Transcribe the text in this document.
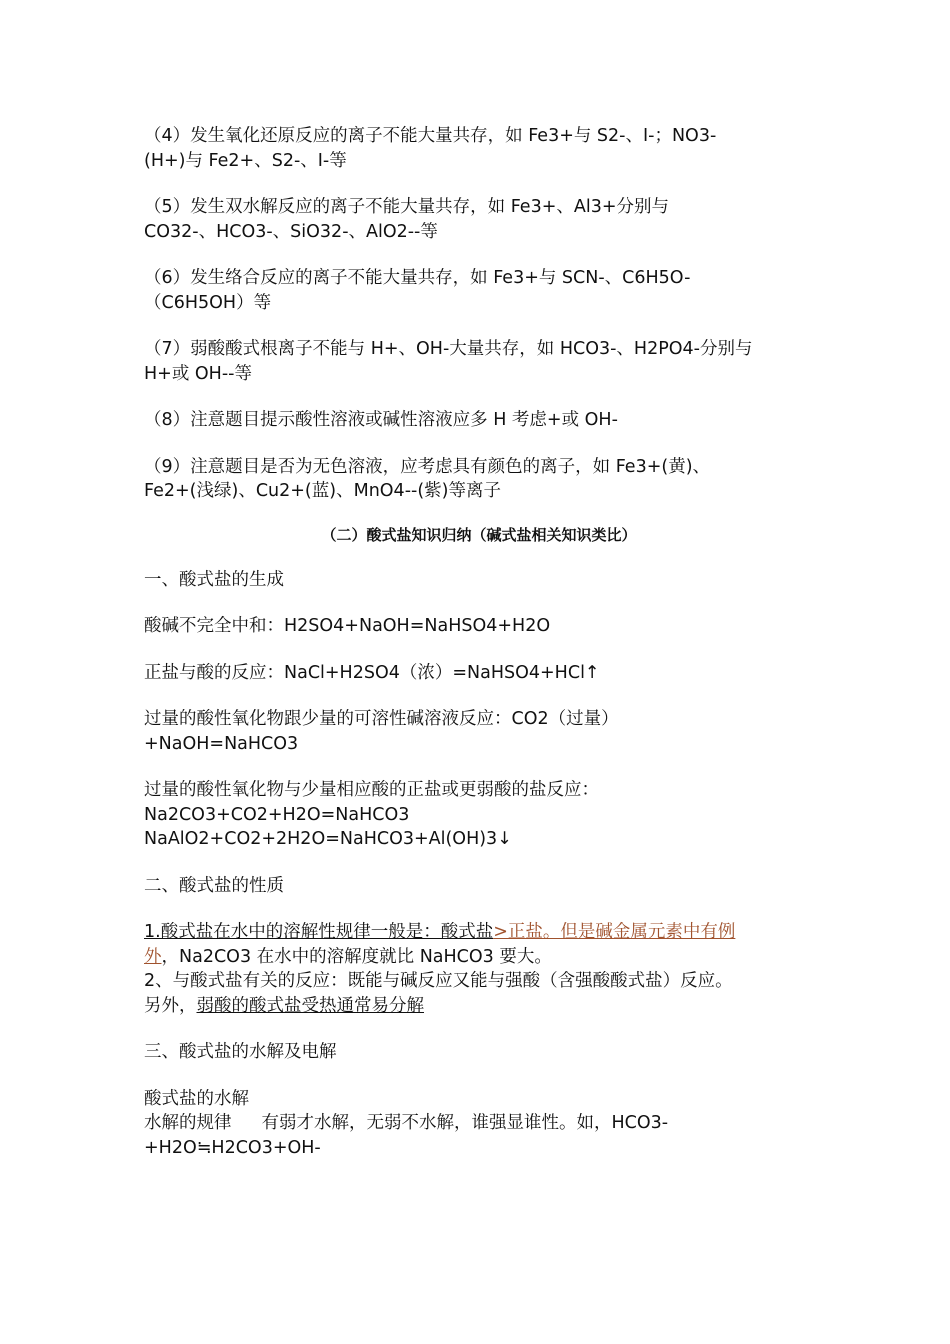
（4）发生氧化还原反应的离子不能大量共存，如 Fe3+与 S2-、I-；NO3-
(H+)与 Fe2+、S2-、I-等

（5）发生双水解反应的离子不能大量共存，如 Fe3+、Al3+分别与
CO32-、HCO3-、SiO32-、AlO2--等

（6）发生络合反应的离子不能大量共存，如 Fe3+与 SCN-、C6H5O-
（C6H5OH）等

（7）弱酸酸式根离子不能与 H+、OH-大量共存，如 HCO3-、H2PO4-分别与
H+或 OH--等

（8）注意题目提示酸性溶液或碱性溶液应多 H 考虑+或 OH-

（9）注意题目是否为无色溶液，应考虑具有颜色的离子，如 Fe3+(黄)、
Fe2+(浅绿)、Cu2+(蓝)、MnO4--(紫)等离子

（二）酸式盐知识归纳（碱式盐相关知识类比）

一、酸式盐的生成

酸碱不完全中和：H2SO4+NaOH=NaHSO4+H2O

正盐与酸的反应：NaCl+H2SO4（浓）=NaHSO4+HCl↑

过量的酸性氧化物跟少量的可溶性碱溶液反应：CO2（过量）
+NaOH=NaHCO3

过量的酸性氧化物与少量相应酸的正盐或更弱酸的盐反应：
Na2CO3+CO2+H2O=NaHCO3
NaAlO2+CO2+2H2O=NaHCO3+Al(OH)3↓

二、酸式盐的性质

1.酸式盐在水中的溶解性规律一般是：酸式盐>正盐。但是碱金属元素中有例
外，Na2CO3 在水中的溶解度就比 NaHCO3 要大。
2、与酸式盐有关的反应：既能与碱反应又能与强酸（含强酸酸式盐）反应。
另外，弱酸的酸式盐受热通常易分解

三、酸式盐的水解及电解

酸式盐的水解
水解的规律 有弱才水解，无弱不水解，谁强显谁性。如，HCO3-
+H2O≒H2CO3+OH-
